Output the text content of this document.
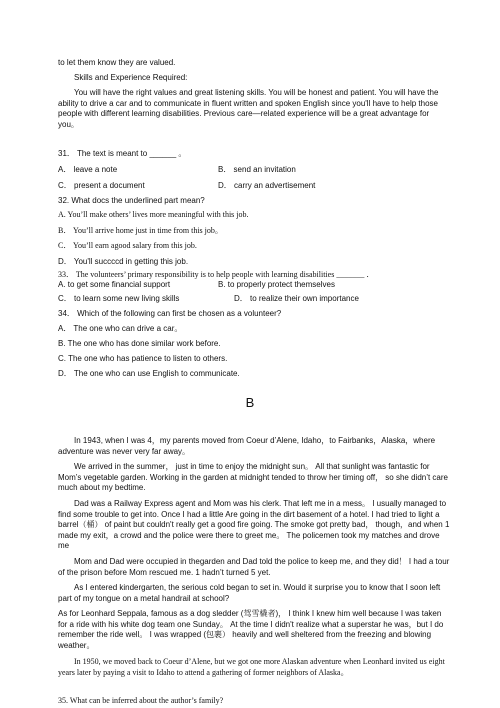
to let them know they are valued.

Skills and Experience Required:

You will have the right values and great listening skills. You will be honest and patient. You will have the ability to drive a car and to communicate in fluent written and spoken English since you'll have to help those people with different learning disabilities. Previous care—related experience will be a great advantage for you。

31． The text is meant to ______ 。

A． leave a note	B． send an invitation

C． present a document	D． carry an advertisement

32. What docs the underlined part mean?

A. You’ll make others’ lives more meaningful with this job.

B． You’ll arrive home just in time from this job。

C． You’ll earn agood salary from this job.

D． You'll succccd in getting this job.

33． The volunteers’ primary responsibility is to help people with learning disabilities _______ ．

A. to get some financial support	B. to properly protect themselves

C． to learn some new living skills	D． to realize their own importance

34． Which of the following can first be chosen as a volunteer?

A． The one who can drive a car。

B. The one who has done similar work before.

C. The one who has patience to listen to others.

D． The one who can use English to communicate.

B

In 1943, when I was 4，my parents moved from Coeur d’Alene, Idaho，to Fairbanks，Alaska，where adventure was never very far away。

We arrived in the summer， just in time to enjoy the midnight sun。 All that sunlight was fantastic for Mom’s vegetable garden. Working in the garden at midnight tended to throw her timing off， so she didn’t care much about my bedtime.

Dad was a Railway Express agent and Mom was his clerk. That left me in a mess。 I usually managed to find some trouble to get into. Once I had a little Are going in the dirt basement of a hotel. I had tried to light a barrel（桶） of paint but couldn't really get a good fire going. The smoke got pretty bad， though，and when 1 made my exit，a crowd and the police were there to greet me。 The policemen took my matches and drove me

Mom and Dad were occupied in thegarden and Dad told the police to keep me, and they did！ I had a tour of the prison before Mom rescued me. 1 hadn’t turned 5 yet.

As I entered kindergarten, the serious cold began to set in. Would it surprise you to know that I soon left part of my tongue on a metal handrail at school?

As for Leonhard Seppala, famous as a dog sledder (驾雪橇者)， I think I knew him well because I was taken for a ride with his white dog team one Sunday。 At the time I didn't realize what a superstar he was，but I do remember the ride well。 I was wrapped (包裹） heavily and well sheltered from the freezing and blowing weather。

In 1950, we moved back to Coeur d’Alene, but we got one more Alaskan adventure when Leonhard invited us eight years later by paying a visit to Idaho to attend a gathering of former neighbors of Alaska。

35. What can be inferred about the author’s family?
